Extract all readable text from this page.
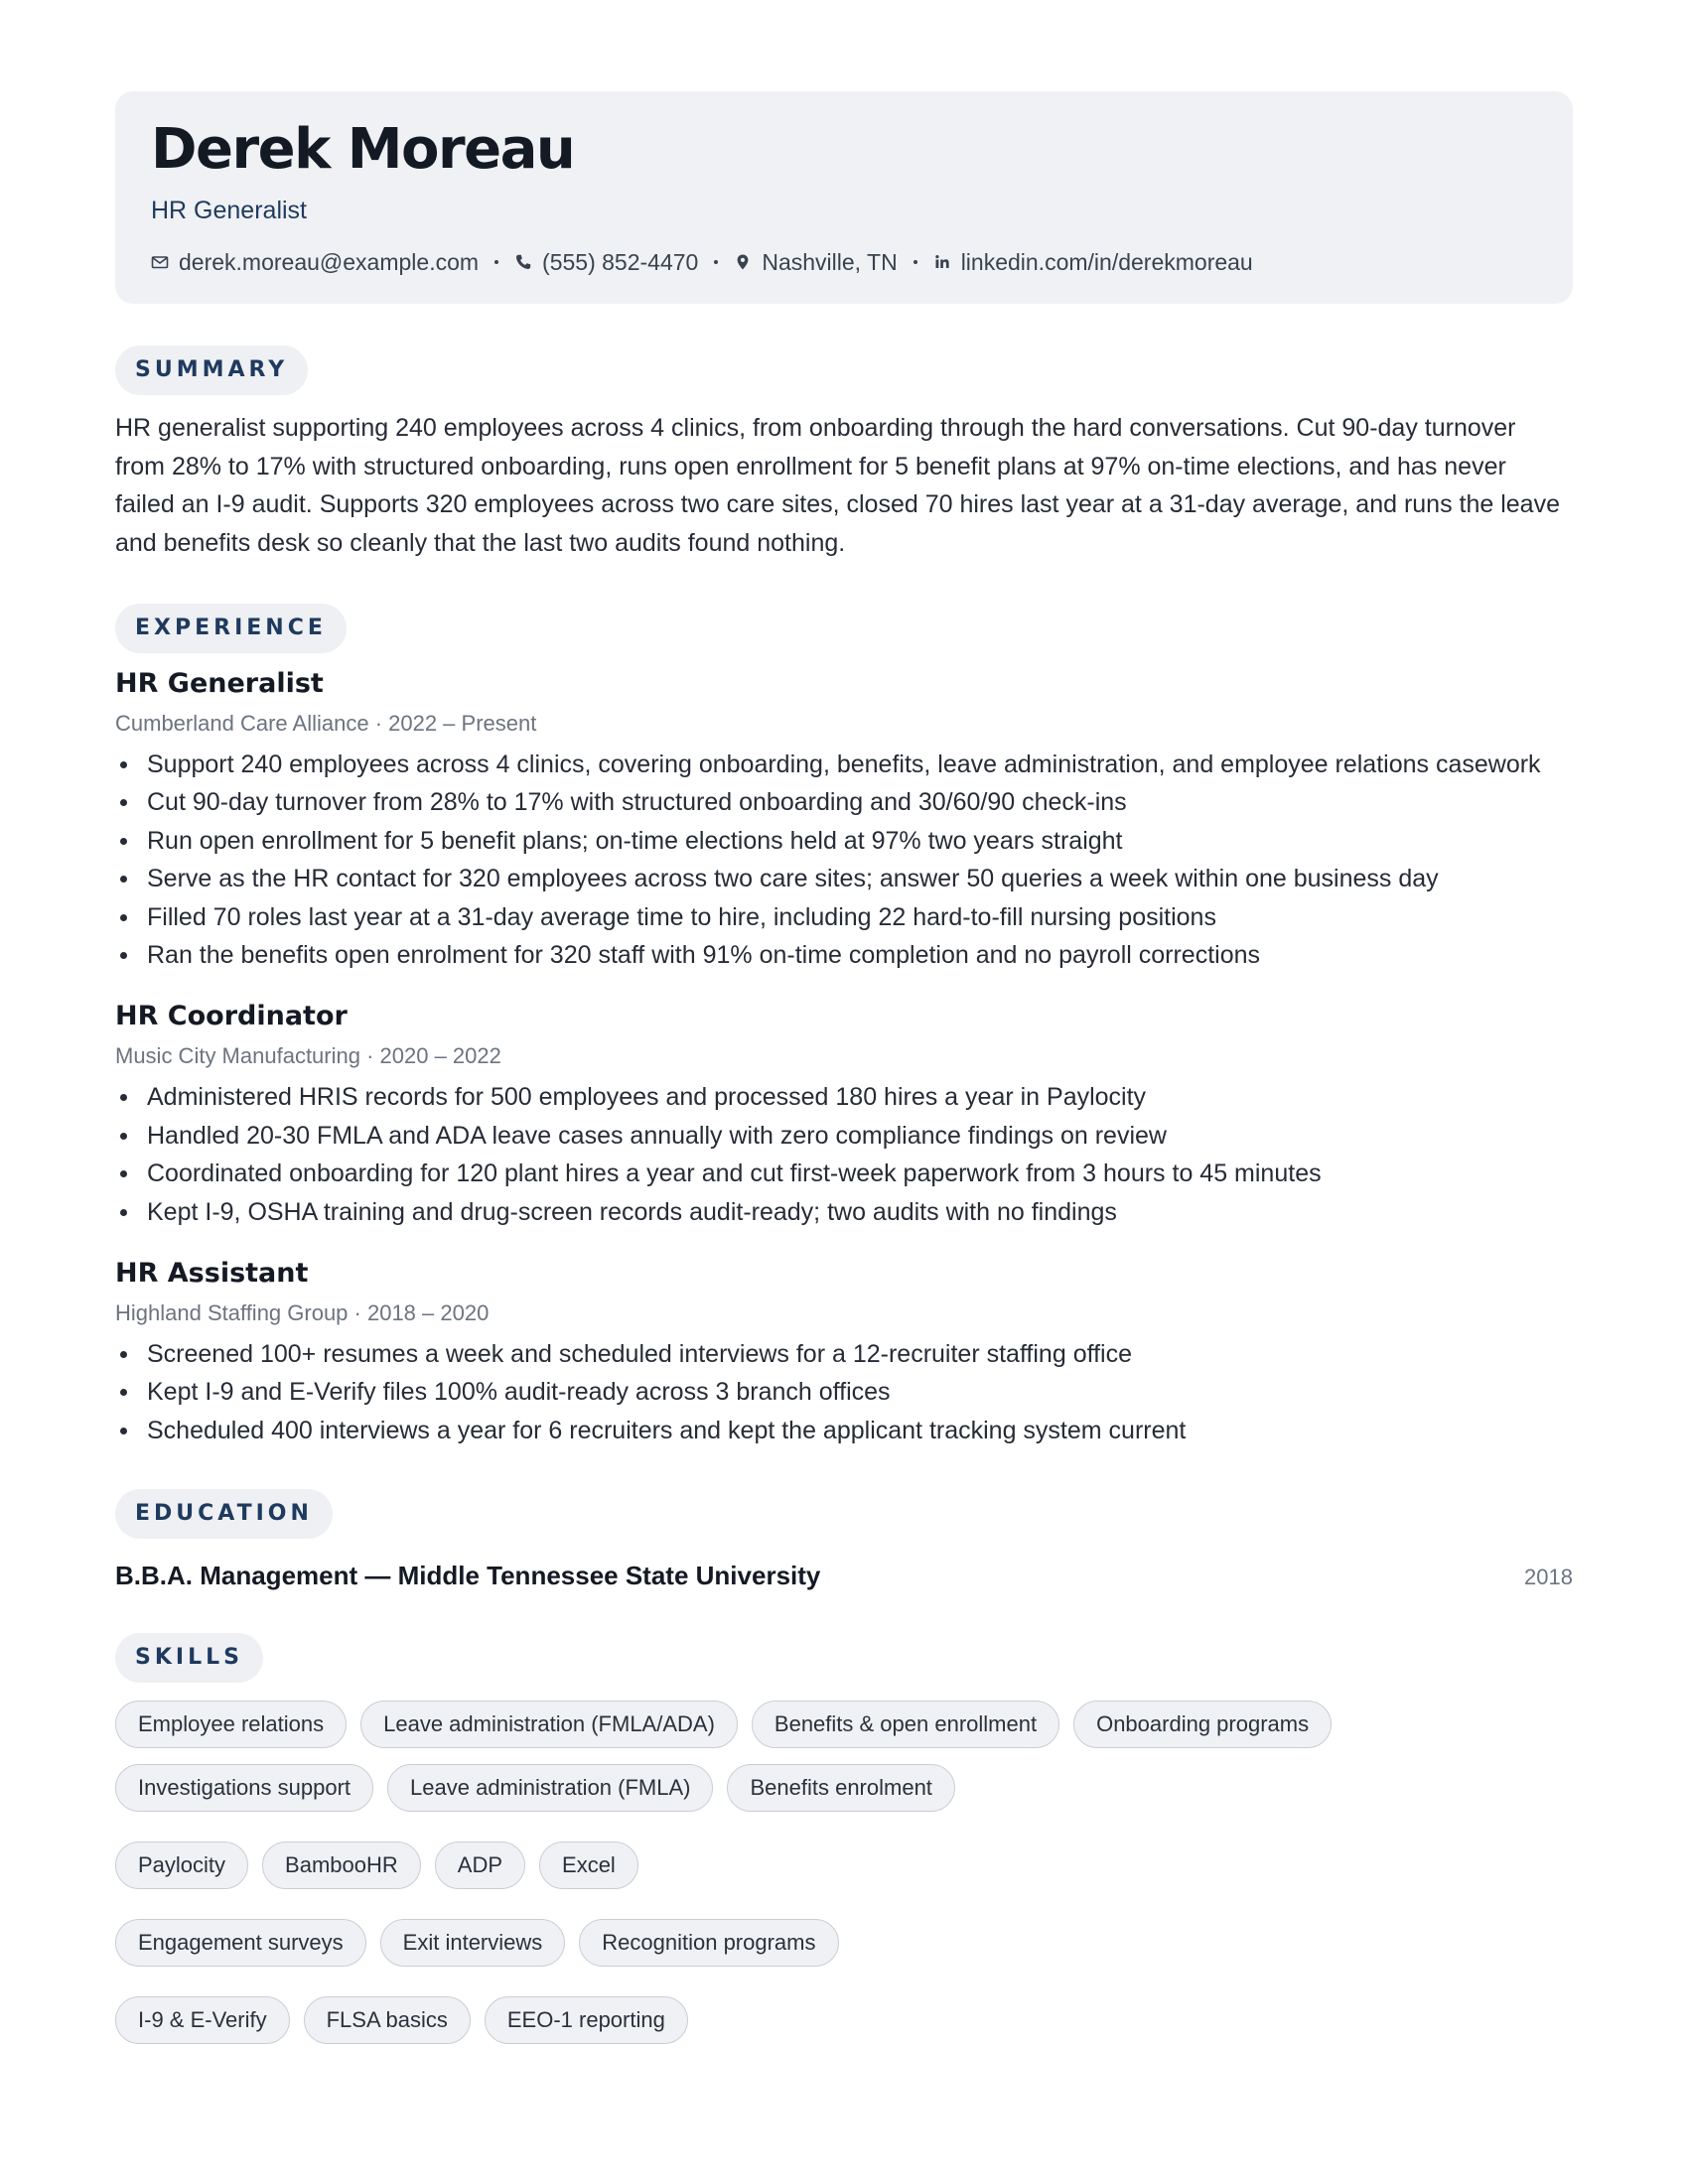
Derek Moreau
HR Generalist
derek.moreau@example.com	(555) 852-4470	Nashville, TN	linkedin.com/in/derekmoreau
SUMMARY
HR generalist supporting 240 employees across 4 clinics, from onboarding through the hard conversations. Cut 90-day turnover from 28% to 17% with structured onboarding, runs open enrollment for 5 benefit plans at 97% on-time elections, and has never failed an I-9 audit. Supports 320 employees across two care sites, closed 70 hires last year at a 31-day average, and runs the leave and benefits desk so cleanly that the last two audits found nothing.
EXPERIENCE
HR Generalist
Cumberland Care Alliance · 2022 – Present
Support 240 employees across 4 clinics, covering onboarding, benefits, leave administration, and employee relations casework
Cut 90-day turnover from 28% to 17% with structured onboarding and 30/60/90 check-ins
Run open enrollment for 5 benefit plans; on-time elections held at 97% two years straight
Serve as the HR contact for 320 employees across two care sites; answer 50 queries a week within one business day
Filled 70 roles last year at a 31-day average time to hire, including 22 hard-to-fill nursing positions
Ran the benefits open enrolment for 320 staff with 91% on-time completion and no payroll corrections
HR Coordinator
Music City Manufacturing · 2020 – 2022
Administered HRIS records for 500 employees and processed 180 hires a year in Paylocity
Handled 20-30 FMLA and ADA leave cases annually with zero compliance findings on review
Coordinated onboarding for 120 plant hires a year and cut first-week paperwork from 3 hours to 45 minutes
Kept I-9, OSHA training and drug-screen records audit-ready; two audits with no findings
HR Assistant
Highland Staffing Group · 2018 – 2020
Screened 100+ resumes a week and scheduled interviews for a 12-recruiter staffing office
Kept I-9 and E-Verify files 100% audit-ready across 3 branch offices
Scheduled 400 interviews a year for 6 recruiters and kept the applicant tracking system current
EDUCATION
B.B.A. Management — Middle Tennessee State University	2018
SKILLS
Employee relations	Leave administration (FMLA/ADA)	Benefits & open enrollment	Onboarding programs
Investigations support	Leave administration (FMLA)	Benefits enrolment
Paylocity	BambooHR	ADP	Excel
Engagement surveys	Exit interviews	Recognition programs
I-9 & E-Verify	FLSA basics	EEO-1 reporting
